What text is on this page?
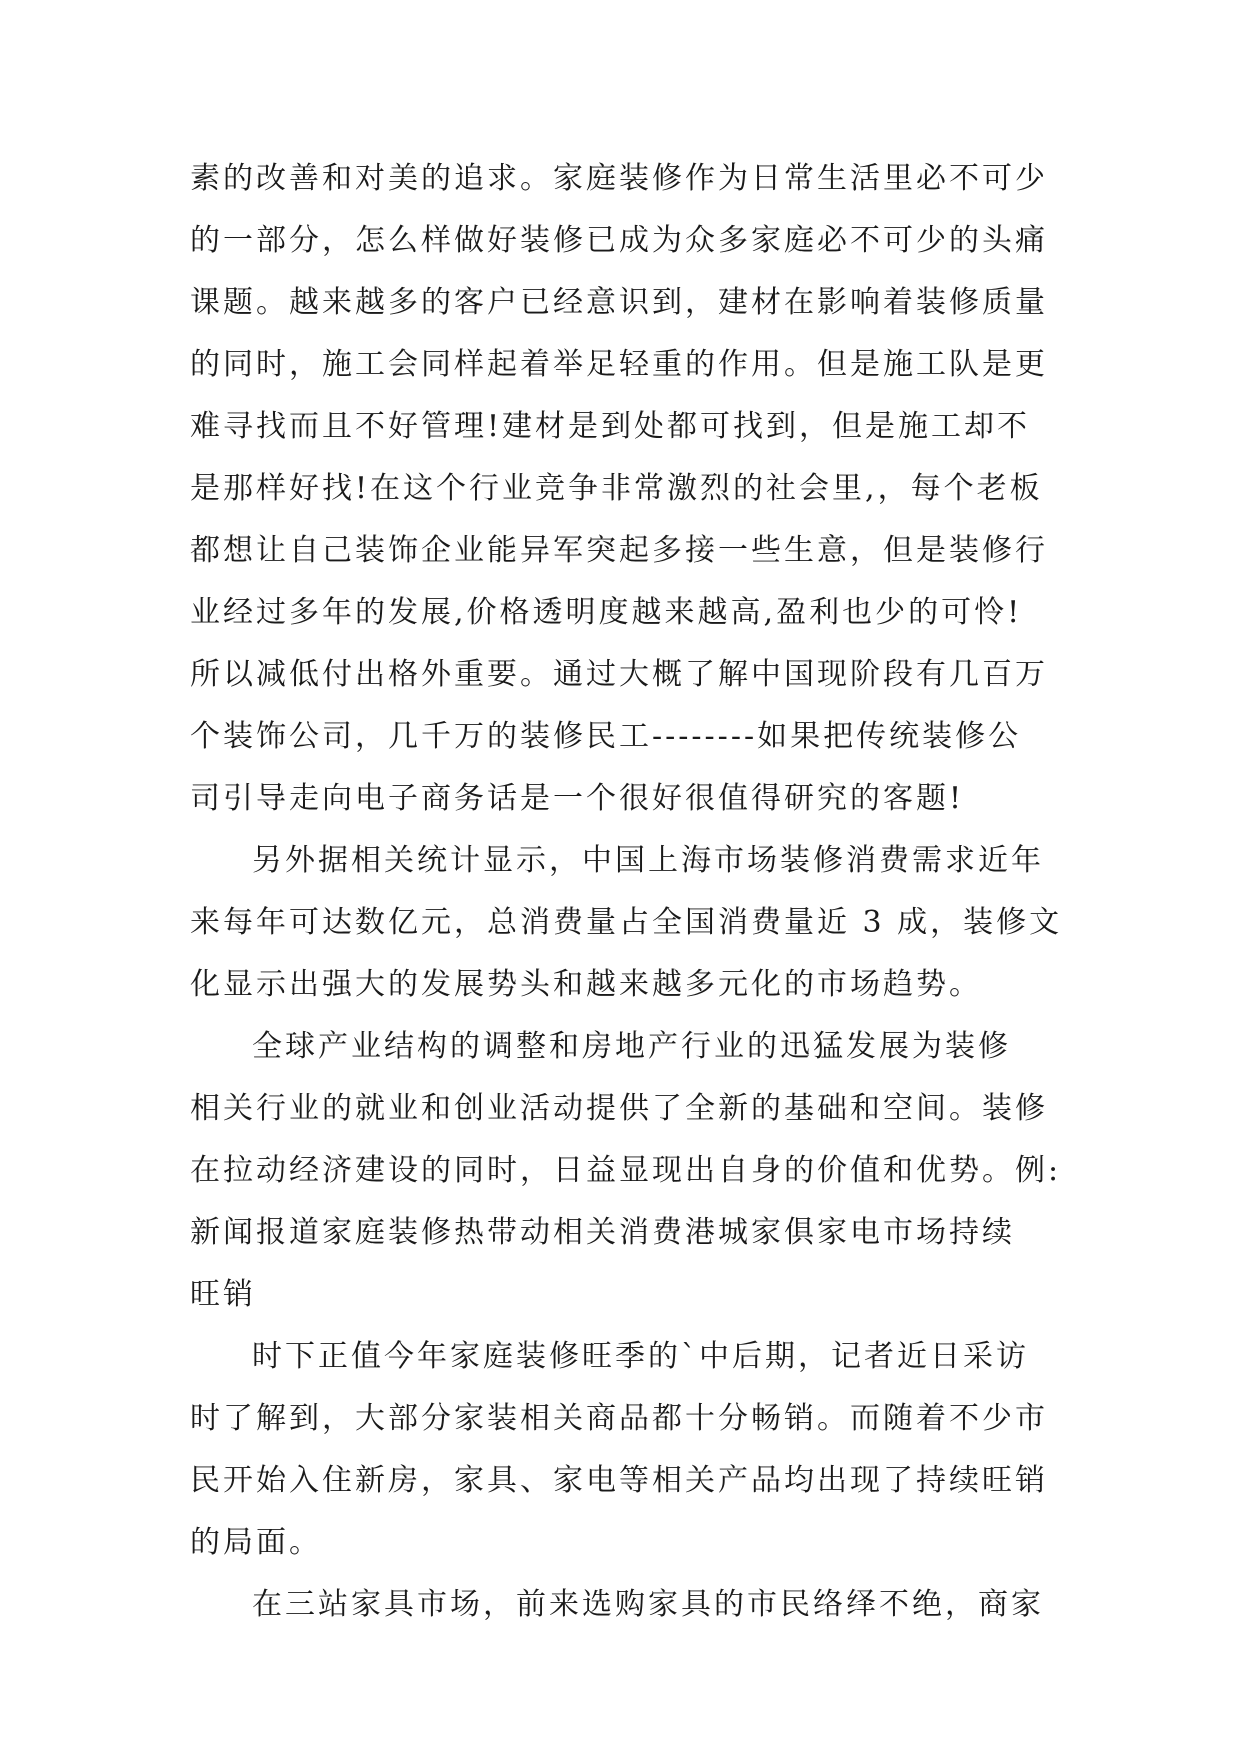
素的改善和对美的追求。家庭装修作为日常生活里必不可少
的一部分，怎么样做好装修已成为众多家庭必不可少的头痛
课题。越来越多的客户已经意识到，建材在影响着装修质量
的同时，施工会同样起着举足轻重的作用。但是施工队是更
难寻找而且不好管理!建材是到处都可找到，但是施工却不
是那样好找!在这个行业竞争非常激烈的社会里,，每个老板
都想让自己装饰企业能异军突起多接一些生意，但是装修行
业经过多年的发展,价格透明度越来越高,盈利也少的可怜!
所以减低付出格外重要。通过大概了解中国现阶段有几百万
个装饰公司，几千万的装修民工--------如果把传统装修公
司引导走向电子商务话是一个很好很值得研究的客题!
另外据相关统计显示，中国上海市场装修消费需求近年
来每年可达数亿元，总消费量占全国消费量近 3 成，装修文
化显示出强大的发展势头和越来越多元化的市场趋势。
全球产业结构的调整和房地产行业的迅猛发展为装修
相关行业的就业和创业活动提供了全新的基础和空间。装修
在拉动经济建设的同时，日益显现出自身的价值和优势。例:
新闻报道家庭装修热带动相关消费港城家俱家电市场持续
旺销
时下正值今年家庭装修旺季的`中后期，记者近日采访
时了解到，大部分家装相关商品都十分畅销。而随着不少市
民开始入住新房，家具、家电等相关产品均出现了持续旺销
的局面。
在三站家具市场，前来选购家具的市民络绎不绝，商家
